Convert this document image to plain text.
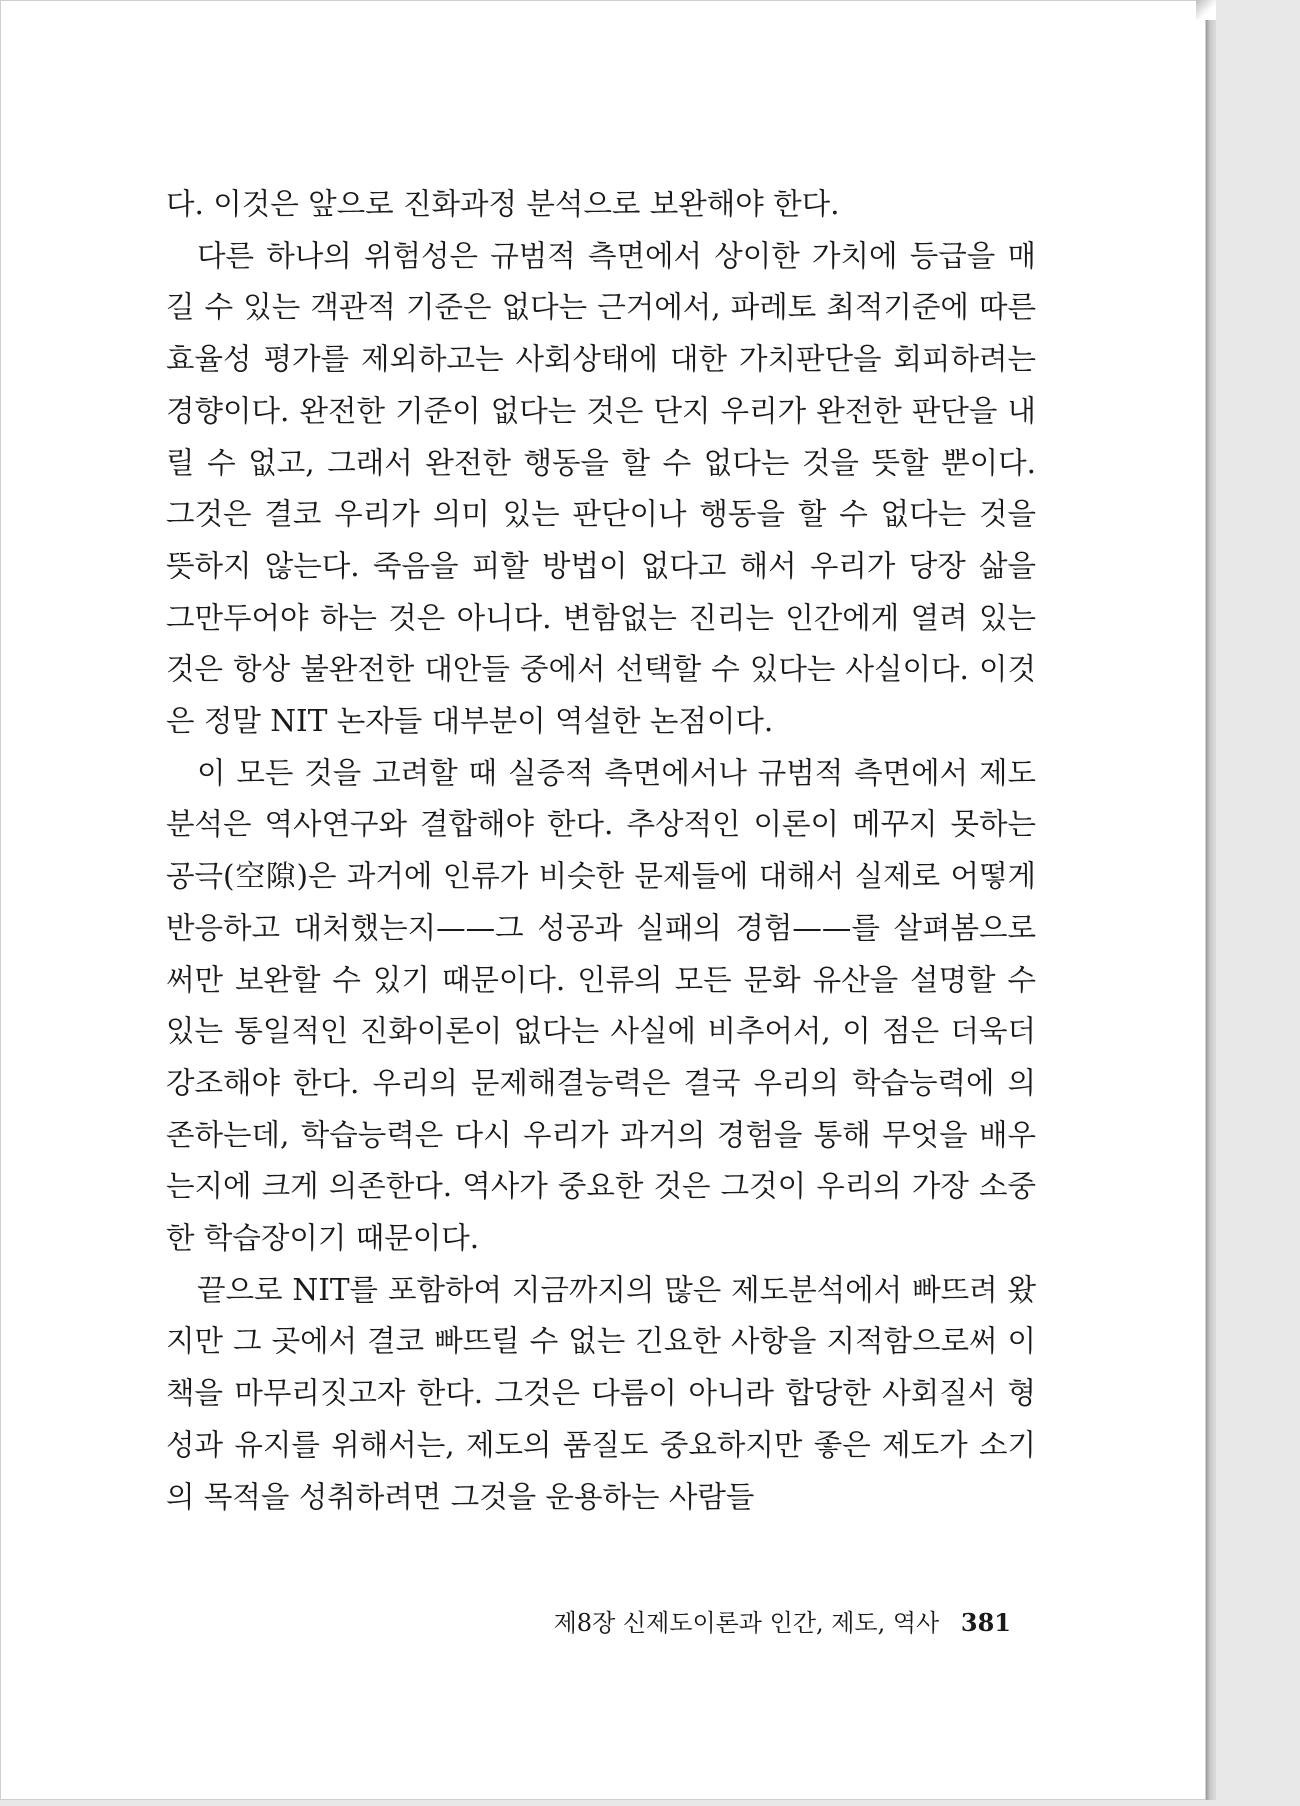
다. 이것은 앞으로 진화과정 분석으로 보완해야 한다.

다른 하나의 위험성은 규범적 측면에서 상이한 가치에 등급을 매길 수 있는 객관적 기준은 없다는 근거에서, 파레토 최적기준에 따른 효율성 평가를 제외하고는 사회상태에 대한 가치판단을 회피하려는 경향이다. 완전한 기준이 없다는 것은 단지 우리가 완전한 판단을 내릴 수 없고, 그래서 완전한 행동을 할 수 없다는 것을 뜻할 뿐이다. 그것은 결코 우리가 의미 있는 판단이나 행동을 할 수 없다는 것을 뜻하지 않는다. 죽음을 피할 방법이 없다고 해서 우리가 당장 삶을 그만두어야 하는 것은 아니다. 변함없는 진리는 인간에게 열려 있는 것은 항상 불완전한 대안들 중에서 선택할 수 있다는 사실이다. 이것은 정말 NIT 논자들 대부분이 역설한 논점이다.

이 모든 것을 고려할 때 실증적 측면에서나 규범적 측면에서 제도분석은 역사연구와 결합해야 한다. 추상적인 이론이 메꾸지 못하는 공극(空隙)은 과거에 인류가 비슷한 문제들에 대해서 실제로 어떻게 반응하고 대처했는지——그 성공과 실패의 경험——를 살펴봄으로써만 보완할 수 있기 때문이다. 인류의 모든 문화 유산을 설명할 수 있는 통일적인 진화이론이 없다는 사실에 비추어서, 이 점은 더욱더 강조해야 한다. 우리의 문제해결능력은 결국 우리의 학습능력에 의존하는데, 학습능력은 다시 우리가 과거의 경험을 통해 무엇을 배우는지에 크게 의존한다. 역사가 중요한 것은 그것이 우리의 가장 소중한 학습장이기 때문이다.

끝으로 NIT를 포함하여 지금까지의 많은 제도분석에서 빠뜨려 왔지만 그 곳에서 결코 빠뜨릴 수 없는 긴요한 사항을 지적함으로써 이 책을 마무리짓고자 한다. 그것은 다름이 아니라 합당한 사회질서 형성과 유지를 위해서는, 제도의 품질도 중요하지만 좋은 제도가 소기의 목적을 성취하려면 그것을 운용하는 사람들

제8장 신제도이론과 인간, 제도, 역사 381
